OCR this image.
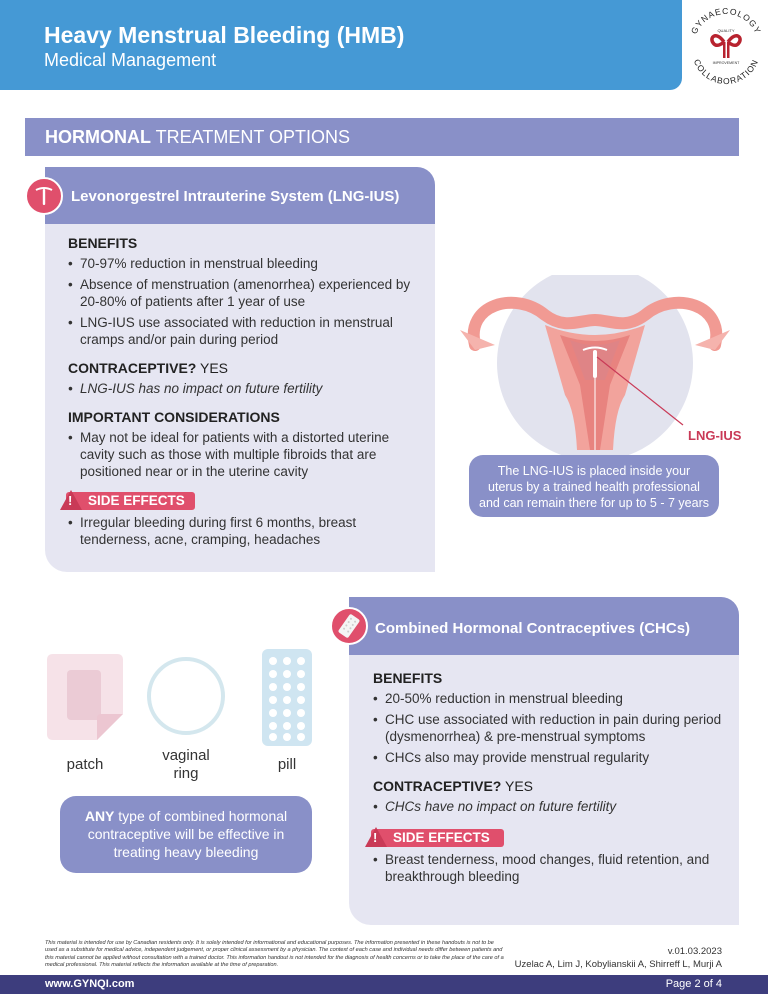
Heavy Menstrual Bleeding (HMB)
Medical Management
GYNAECOLOGY
COLLABORATION
QUALITY
IMPROVEMENT
HORMONAL TREATMENT OPTIONS
Levonorgestrel Intrauterine System (LNG-IUS)
BENEFITS
• 70-97% reduction in menstrual bleeding
• Absence of menstruation (amenorrhea) experienced by 20-80% of patients after 1 year of use
• LNG-IUS use associated with reduction in menstrual cramps and/or pain during period
CONTRACEPTIVE? YES
• LNG-IUS has no impact on future fertility
IMPORTANT CONSIDERATIONS
• May not be ideal for patients with a distorted uterine cavity such as those with multiple fibroids that are positioned near or in the uterine cavity
! SIDE EFFECTS
• Irregular bleeding during first 6 months, breast tenderness, acne, cramping, headaches
LNG-IUS
The LNG-IUS is placed inside your uterus by a trained health professional and can remain there for up to 5 - 7 years
Combined Hormonal Contraceptives (CHCs)
BENEFITS
• 20-50% reduction in menstrual bleeding
• CHC use associated with reduction in pain during period (dysmenorrhea) & pre-menstrual symptoms
• CHCs also may provide menstrual regularity
CONTRACEPTIVE? YES
• CHCs have no impact on future fertility
! SIDE EFFECTS
• Breast tenderness, mood changes, fluid retention, and breakthrough bleeding
patch
vaginal ring
pill
ANY type of combined hormonal contraceptive will be effective in treating heavy bleeding
This material is intended for use by Canadian residents only. It is solely intended for informational and educational purposes. The information presented in these handouts is not to be used as a substitute for medical advice, independent judgement, or proper clinical assessment by a physician. The context of each case and individual needs differ between patients and this material cannot be applied without consultation with a trained doctor. This information handout is not intended for the diagnosis of health concerns or to take the place of the care of a medical professional. This material reflects the information available at the time of preparation.
v.01.03.2023
Uzelac A, Lim J, Kobylianskii A, Shirreff L, Murji A
www.GYNQI.com	Page 2 of 4
